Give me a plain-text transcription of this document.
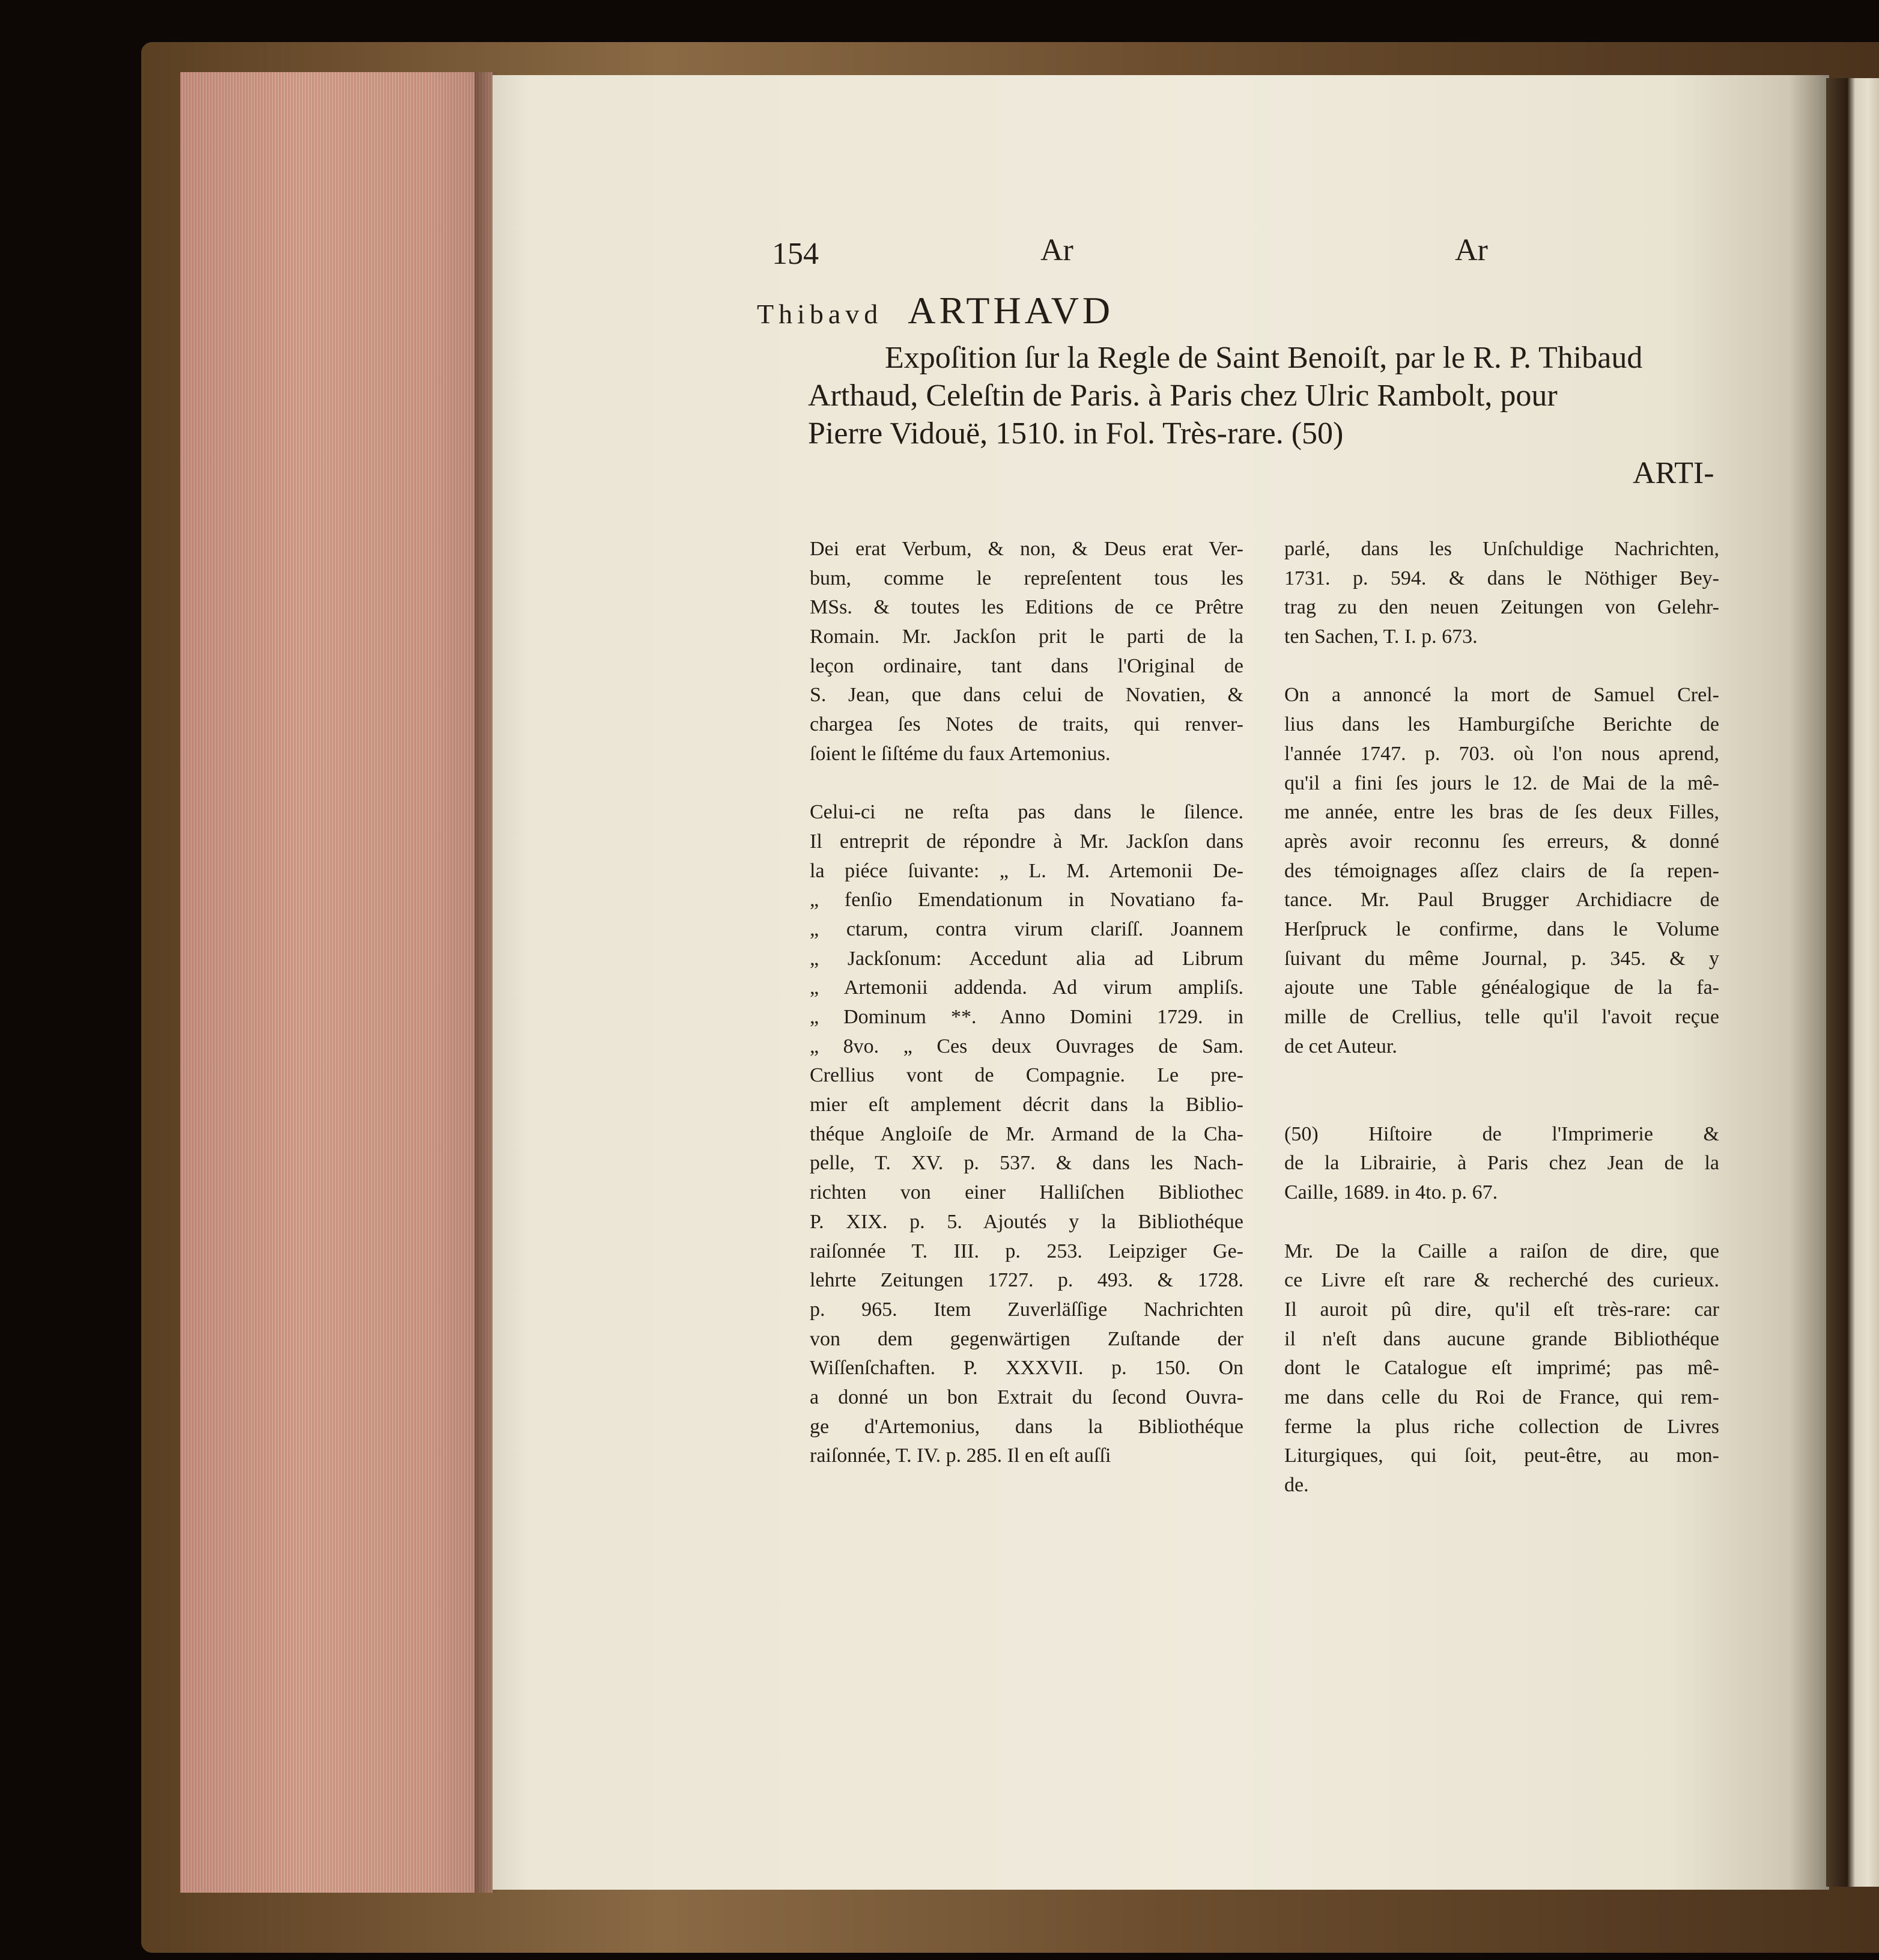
154	Ar	Ar
Thibavd ARTHAVD
Expoſition ſur la Regle de Saint Benoiſt, par le R. P. Thibaud
Arthaud, Celeſtin de Paris. à Paris chez Ulric Rambolt, pour
Pierre Vidouë, 1510. in Fol. Très-rare. (50)
ARTI-
Dei erat Verbum, & non, & Deus erat Ver-
bum, comme le repreſentent tous les
MSs. & toutes les Editions de ce Prêtre
Romain. Mr. Jackſon prit le parti de la
leçon ordinaire, tant dans l'Original de
S. Jean, que dans celui de Novatien, &
chargea ſes Notes de traits, qui renver-
ſoient le ſiſtéme du faux Artemonius.
Celui-ci ne reſta pas dans le ſilence.
Il entreprit de répondre à Mr. Jackſon dans
la piéce ſuivante: „ L. M. Artemonii De-
„ fenſio Emendationum in Novatiano fa-
„ ctarum, contra virum clariſſ. Joannem
„ Jackſonum: Accedunt alia ad Librum
„ Artemonii addenda. Ad virum ampliſs.
„ Dominum **. Anno Domini 1729. in
„ 8vo. „ Ces deux Ouvrages de Sam.
Crellius vont de Compagnie. Le pre-
mier eſt amplement décrit dans la Biblio-
théque Angloiſe de Mr. Armand de la Cha-
pelle, T. XV. p. 537. & dans les Nach-
richten von einer Halliſchen Bibliothec
P. XIX. p. 5. Ajoutés y la Bibliothéque
raiſonnée T. III. p. 253. Leipziger Ge-
lehrte Zeitungen 1727. p. 493. & 1728.
p. 965. Item Zuverläſſige Nachrichten
von dem gegenwärtigen Zuſtande der
Wiſſenſchaften. P. XXXVII. p. 150. On
a donné un bon Extrait du ſecond Ouvra-
ge d'Artemonius, dans la Bibliothéque
raiſonnée, T. IV. p. 285. Il en eſt auſſi
parlé, dans les Unſchuldige Nachrichten,
1731. p. 594. & dans le Nöthiger Bey-
trag zu den neuen Zeitungen von Gelehr-
ten Sachen, T. I. p. 673.
On a annoncé la mort de Samuel Crel-
lius dans les Hamburgiſche Berichte de
l'année 1747. p. 703. où l'on nous aprend,
qu'il a fini ſes jours le 12. de Mai de la mê-
me année, entre les bras de ſes deux Filles,
après avoir reconnu ſes erreurs, & donné
des témoignages aſſez clairs de ſa repen-
tance. Mr. Paul Brugger Archidiacre de
Herſpruck le confirme, dans le Volume
ſuivant du même Journal, p. 345. & y
ajoute une Table généalogique de la fa-
mille de Crellius, telle qu'il l'avoit reçue
de cet Auteur.
(50) Hiſtoire de l'Imprimerie &
de la Librairie, à Paris chez Jean de la
Caille, 1689. in 4to. p. 67.
Mr. De la Caille a raiſon de dire, que
ce Livre eſt rare & recherché des curieux.
Il auroit pû dire, qu'il eſt très-rare: car
il n'eſt dans aucune grande Bibliothéque
dont le Catalogue eſt imprimé; pas mê-
me dans celle du Roi de France, qui rem-
ferme la plus riche collection de Livres
Liturgiques, qui ſoit, peut-être, au mon-
de.
